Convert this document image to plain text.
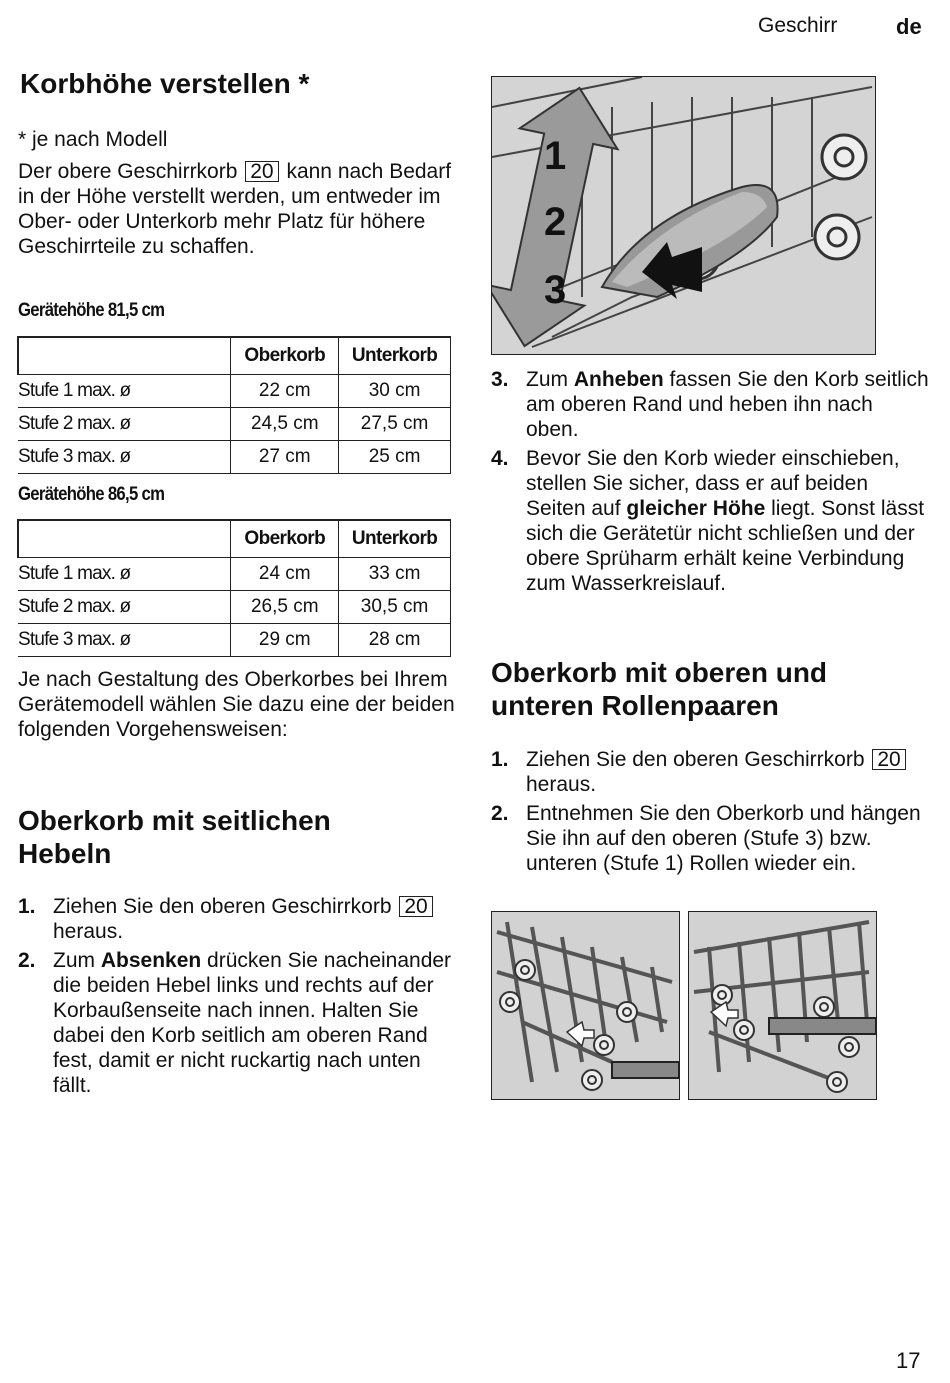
Geschirr	de
Korbhöhe verstellen *

* je nach Modell

Der obere Geschirrkorb 20 kann nach Bedarf in der Höhe verstellt werden, um entweder im Ober- oder Unterkorb mehr Platz für höhere Geschirrteile zu schaffen.

Gerätehöhe 81,5 cm
	Oberkorb	Unterkorb
Stufe 1 max. ø	22 cm	30 cm
Stufe 2 max. ø	24,5 cm	27,5 cm
Stufe 3 max. ø	27 cm	25 cm
Gerätehöhe 86,5 cm
	Oberkorb	Unterkorb
Stufe 1 max. ø	24 cm	33 cm
Stufe 2 max. ø	26,5 cm	30,5 cm
Stufe 3 max. ø	29 cm	28 cm

Je nach Gestaltung des Oberkorbes bei Ihrem Gerätemodell wählen Sie dazu eine der beiden folgenden Vorgehensweisen:

Oberkorb mit seitlichen Hebeln
1. Ziehen Sie den oberen Geschirrkorb 20 heraus.
2. Zum Absenken drücken Sie nacheinander die beiden Hebel links und rechts auf der Korbaußenseite nach innen. Halten Sie dabei den Korb seitlich am oberen Rand fest, damit er nicht ruckartig nach unten fällt.
1
2
3
3. Zum Anheben fassen Sie den Korb seitlich am oberen Rand und heben ihn nach oben.
4. Bevor Sie den Korb wieder einschieben, stellen Sie sicher, dass er auf beiden Seiten auf gleicher Höhe liegt. Sonst lässt sich die Gerätetür nicht schließen und der obere Sprüharm erhält keine Verbindung zum Wasserkreislauf.
Oberkorb mit oberen und unteren Rollenpaaren
1. Ziehen Sie den oberen Geschirrkorb 20 heraus.
2. Entnehmen Sie den Oberkorb und hängen Sie ihn auf den oberen (Stufe 3) bzw. unteren (Stufe 1) Rollen wieder ein.
17
